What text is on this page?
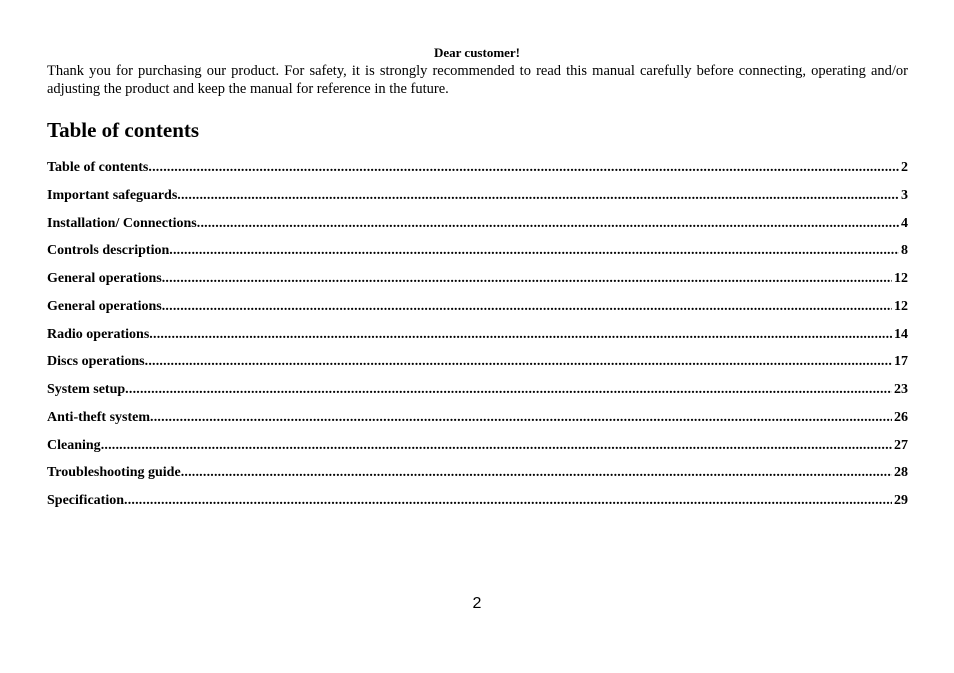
Dear customer!
Thank you for purchasing our product. For safety, it is strongly recommended to read this manual carefully before connecting, operating and/or adjusting the product and keep the manual for reference in the future.
Table of contents
Table of contents .....	2
Important safeguards .....	3
Installation/ Connections .....	4
Controls description .....	8
General operations .....	12
General operations .....	12
Radio operations .....	14
Discs operations .....	17
System setup .....	23
Anti-theft system .....	26
Cleaning .....	27
Troubleshooting guide .....	28
Specification .....	29
2
